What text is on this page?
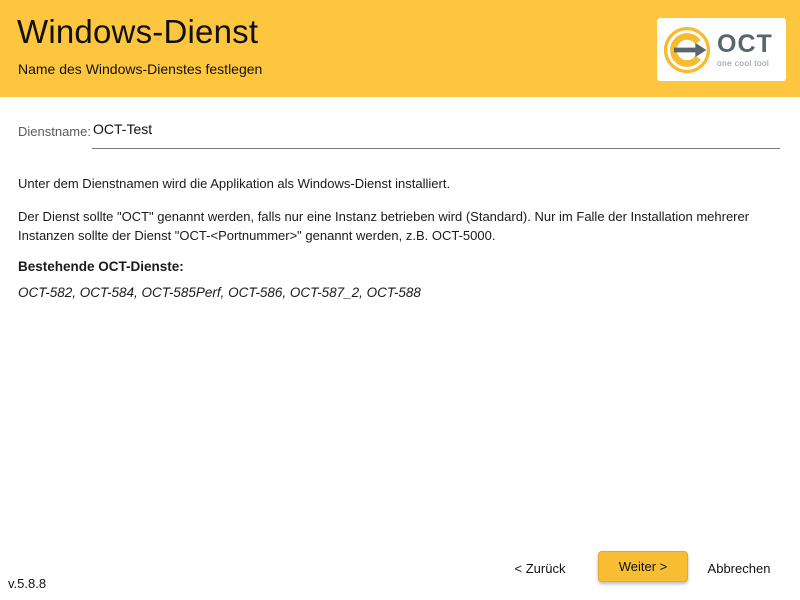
Windows-Dienst
Name des Windows-Dienstes festlegen
OCT
one cool tool
Dienstname:
OCT-Test

Unter dem Dienstnamen wird die Applikation als Windows-Dienst installiert.

Der Dienst sollte "OCT" genannt werden, falls nur eine Instanz betrieben wird (Standard). Nur im Falle der Installation mehrerer Instanzen sollte der Dienst "OCT-<Portnummer>" genannt werden, z.B. OCT-5000.

Bestehende OCT-Dienste:

OCT-582, OCT-584, OCT-585Perf, OCT-586, OCT-587_2, OCT-588

v.5.8.8
< Zurück	Weiter >	Abbrechen
